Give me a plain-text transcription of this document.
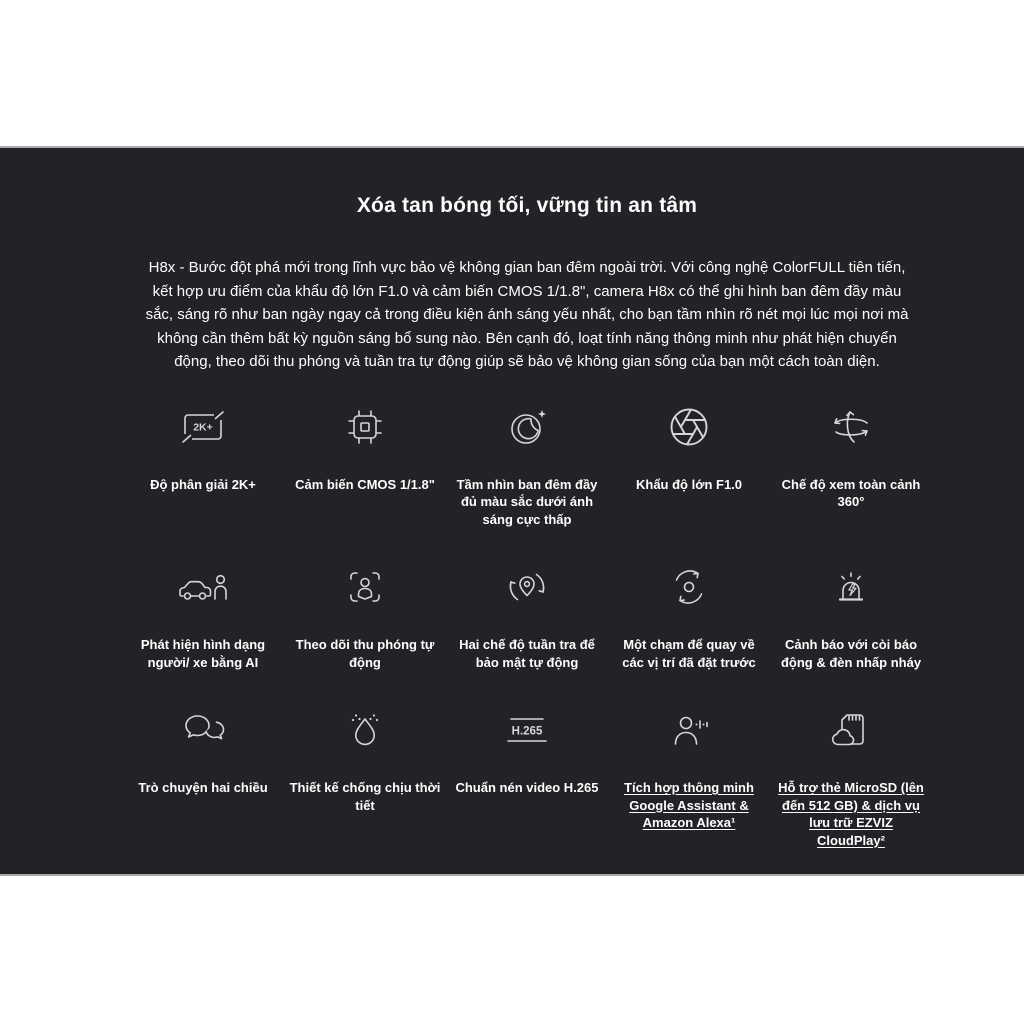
Xóa tan bóng tối, vững tin an tâm
H8x - Bước đột phá mới trong lĩnh vực bảo vệ không gian ban đêm ngoài trời. Với công nghệ ColorFULL tiên tiến, kết hợp ưu điểm của khẩu độ lớn F1.0 và cảm biến CMOS 1/1.8", camera H8x có thể ghi hình ban đêm đầy màu sắc, sáng rõ như ban ngày ngay cả trong điều kiện ánh sáng yếu nhất, cho bạn tầm nhìn rõ nét mọi lúc mọi nơi mà không cần thêm bất kỳ nguồn sáng bổ sung nào. Bên cạnh đó, loạt tính năng thông minh như phát hiện chuyển động, theo dõi thu phóng và tuần tra tự động giúp sẽ bảo vệ không gian sống của bạn một cách toàn diện.
2K+
Độ phân giải 2K+	Cảm biến CMOS 1/1.8"	Tầm nhìn ban đêm đầy đủ màu sắc dưới ánh sáng cực thấp
Khẩu độ lớn F1.0	Chế độ xem toàn cảnh 360°
Phát hiện hình dạng người/ xe bằng AI
Theo dõi thu phóng tự động
Hai chế độ tuần tra để bảo mật tự động
Một chạm để quay về các vị trí đã đặt trước
Cảnh báo với còi báo động & đèn nhấp nháy
Trò chuyện hai chiều Thiết kế chống chịu thời tiết
H.265
Chuẩn nén video H.265	Tích hợp thông minh Google Assistant & Amazon Alexa¹
Hỗ trợ thẻ MicroSD (lên đến 512 GB) & dịch vụ lưu trữ EZVIZ CloudPlay²
